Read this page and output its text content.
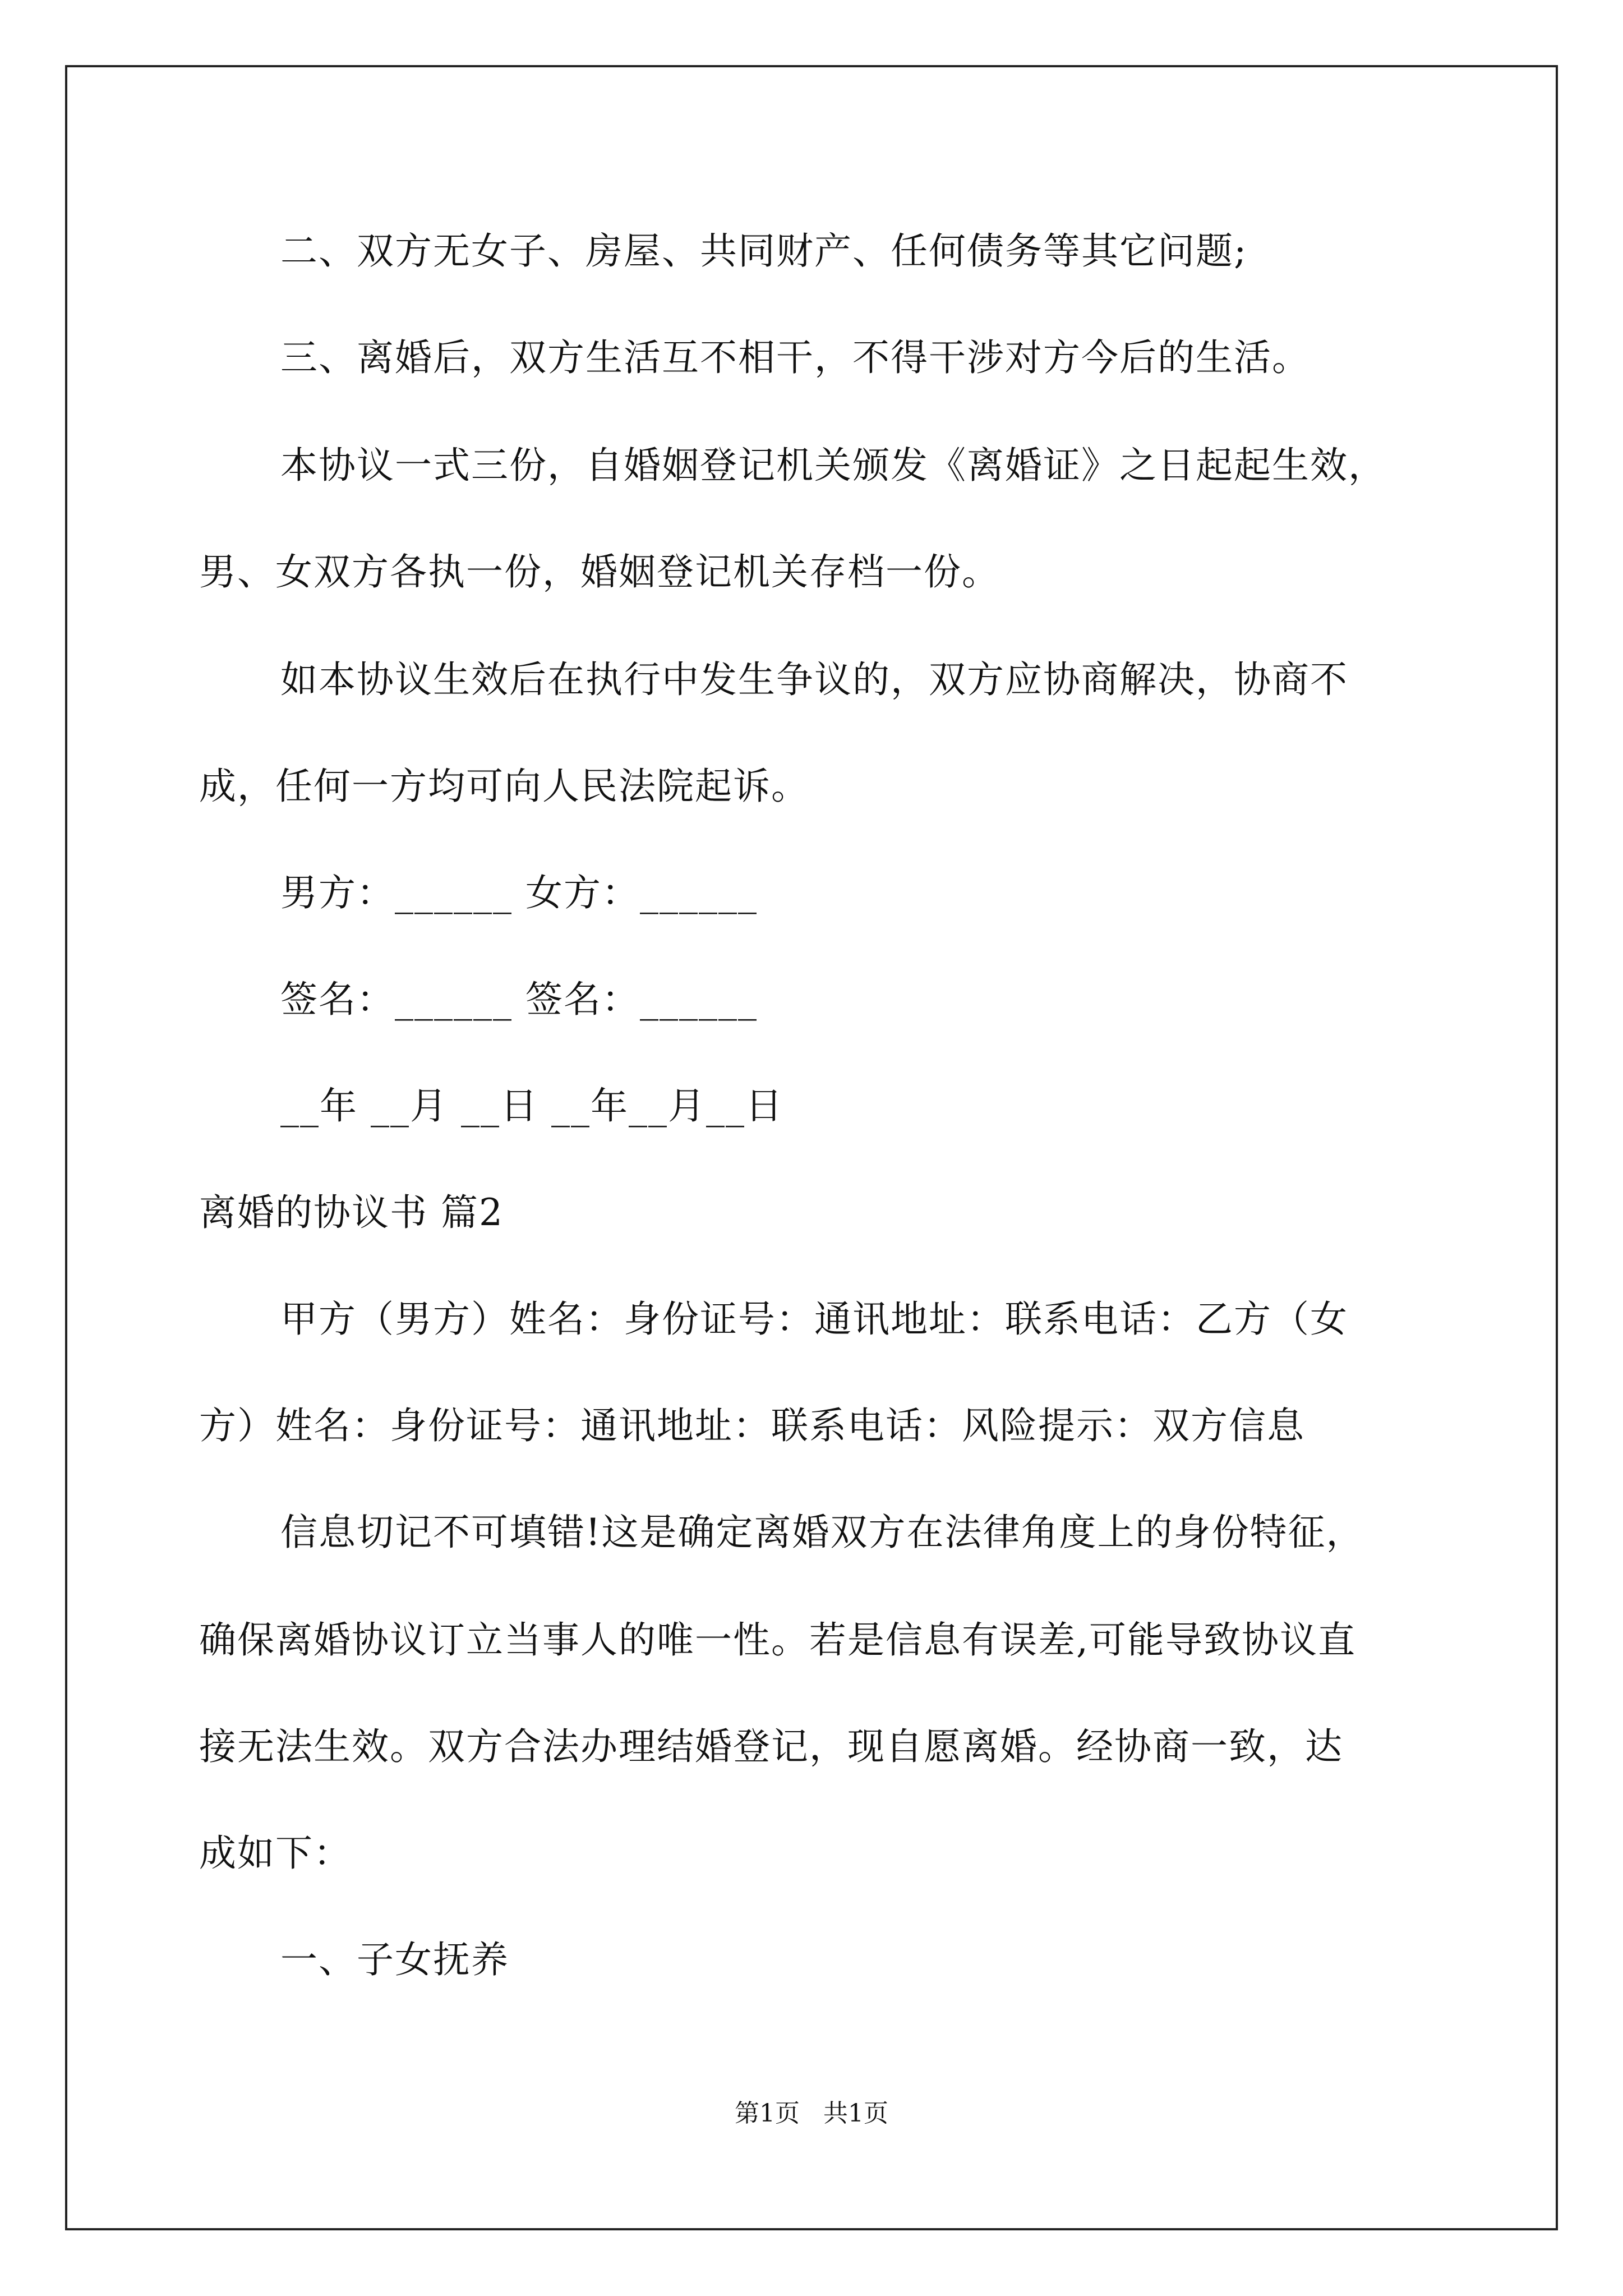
二、双方无女子、房屋、共同财产、任何债务等其它问题;
三、离婚后，双方生活互不相干，不得干涉对方今后的生活。
本协议一式三份，自婚姻登记机关颁发《离婚证》之日起起生效，
男、女双方各执一份，婚姻登记机关存档一份。
如本协议生效后在执行中发生争议的，双方应协商解决，协商不
成，任何一方均可向人民法院起诉。
男方：______ 女方：______
签名：______ 签名：______
__年 __月 __日 __年__月__日
离婚的协议书 篇2
甲方（男方）姓名：身份证号：通讯地址：联系电话：乙方（女
方）姓名：身份证号：通讯地址：联系电话：风险提示：双方信息
信息切记不可填错!这是确定离婚双方在法律角度上的身份特征，
确保离婚协议订立当事人的唯一性。若是信息有误差,可能导致协议直
接无法生效。双方合法办理结婚登记，现自愿离婚。经协商一致，达
成如下：
一、子女抚养
第1页 共1页
